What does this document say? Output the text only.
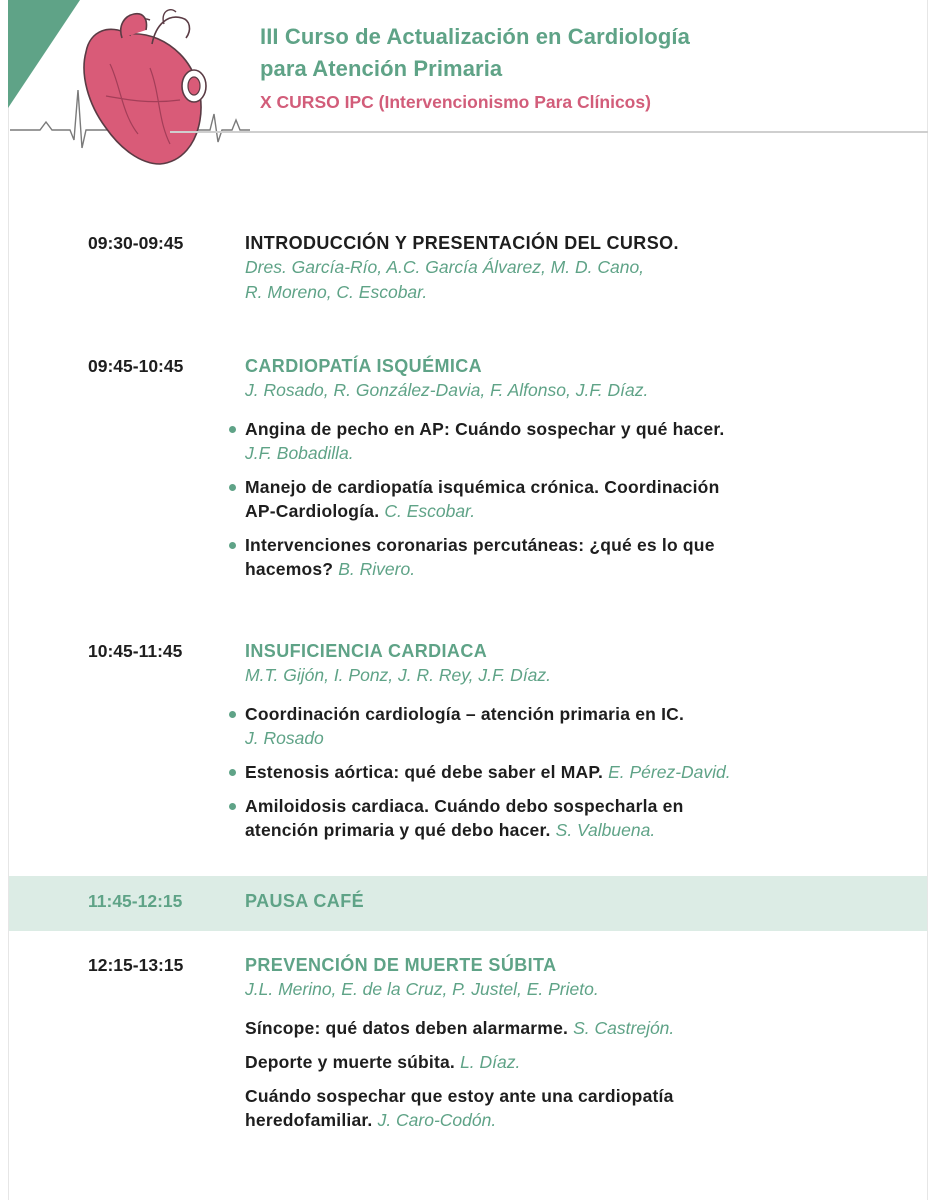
III Curso de Actualización en Cardiología
para Atención Primaria
X CURSO IPC (Intervencionismo Para Clínicos)
09:30-09:45	INTRODUCCIÓN Y PRESENTACIÓN DEL CURSO.
Dres. García-Río, A.C. García Álvarez, M. D. Cano,
R. Moreno, C. Escobar.
09:45-10:45	CARDIOPATÍA ISQUÉMICA
J. Rosado, R. González-Davia, F. Alfonso, J.F. Díaz.
Angina de pecho en AP: Cuándo sospechar y qué hacer.
J.F. Bobadilla.
Manejo de cardiopatía isquémica crónica. Coordinación
AP-Cardiología. C. Escobar.
Intervenciones coronarias percutáneas: ¿qué es lo que
hacemos? B. Rivero.
10:45-11:45	INSUFICIENCIA CARDIACA
M.T. Gijón, I. Ponz, J. R. Rey, J.F. Díaz.
Coordinación cardiología – atención primaria en IC.
J. Rosado
Estenosis aórtica: qué debe saber el MAP. E. Pérez-David.
Amiloidosis cardiaca. Cuándo debo sospecharla en
atención primaria y qué debo hacer. S. Valbuena.
11:45-12:15	PAUSA CAFÉ
12:15-13:15	PREVENCIÓN DE MUERTE SÚBITA
J.L. Merino, E. de la Cruz, P. Justel, E. Prieto.
Síncope: qué datos deben alarmarme. S. Castrejón.
Deporte y muerte súbita. L. Díaz.
Cuándo sospechar que estoy ante una cardiopatía
heredofamiliar. J. Caro-Codón.
